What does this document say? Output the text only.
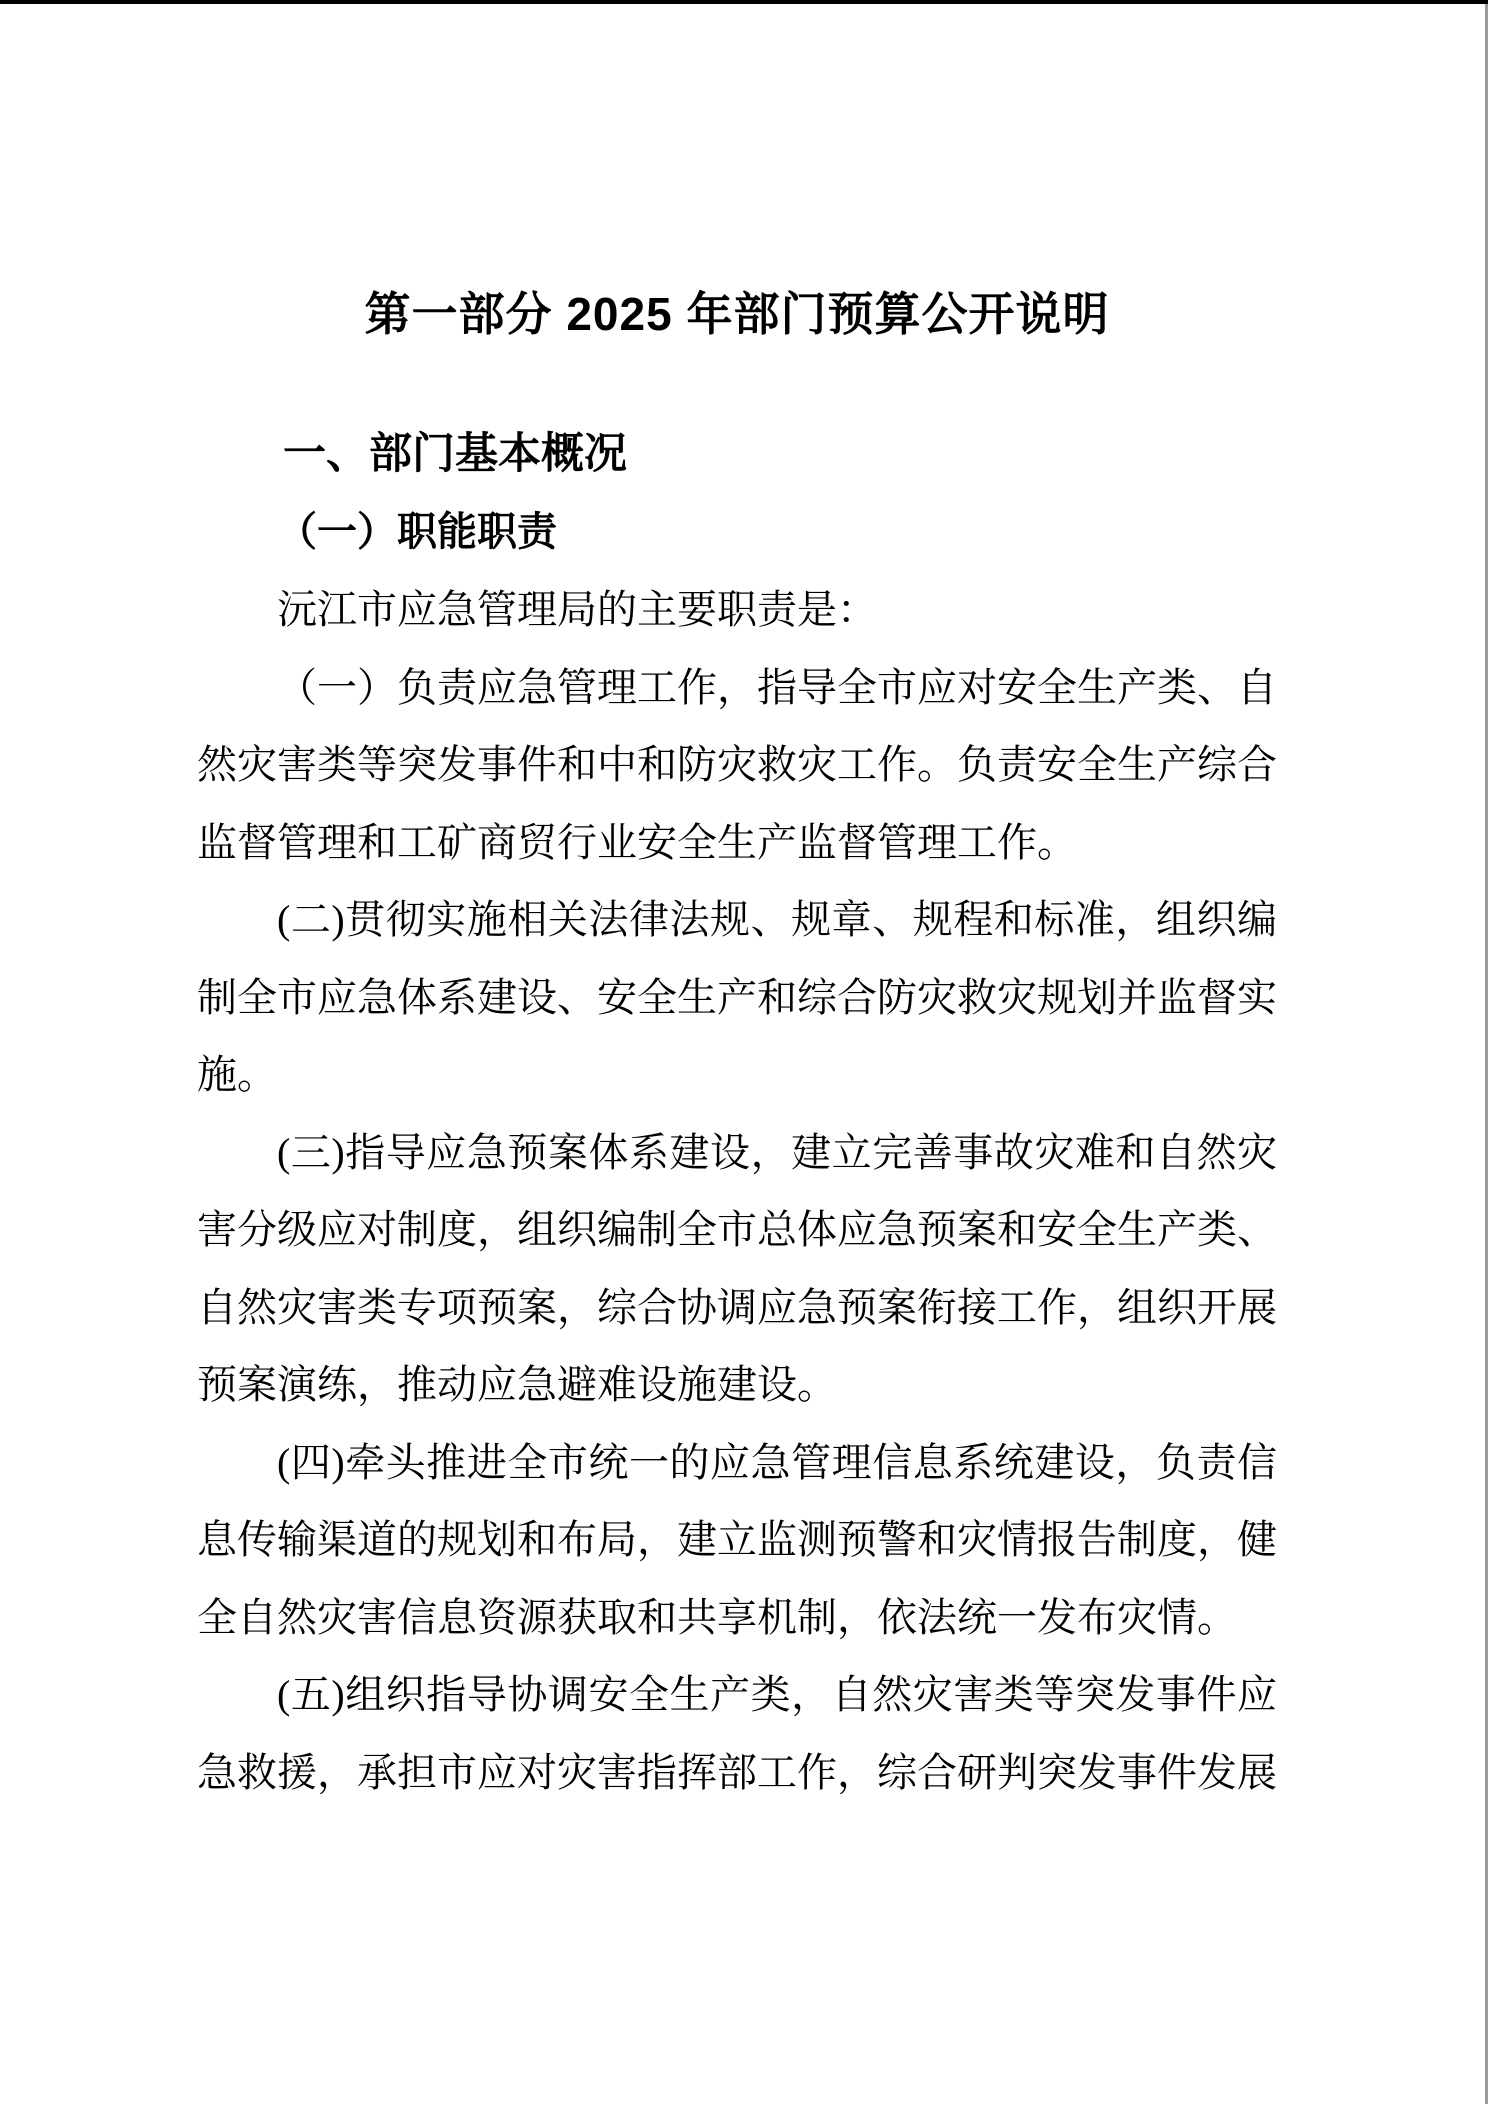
第一部分 2025 年部门预算公开说明
一、部门基本概况
（一）职能职责

沅江市应急管理局的主要职责是：

（一）负责应急管理工作，指导全市应对安全生产类、自然灾害类等突发事件和中和防灾救灾工作。负责安全生产综合监督管理和工矿商贸行业安全生产监督管理工作。

(二)贯彻实施相关法律法规、规章、规程和标准，组织编制全市应急体系建设、安全生产和综合防灾救灾规划并监督实施。

(三)指导应急预案体系建设，建立完善事故灾难和自然灾害分级应对制度，组织编制全市总体应急预案和安全生产类、自然灾害类专项预案，综合协调应急预案衔接工作，组织开展预案演练，推动应急避难设施建设。

(四)牵头推进全市统一的应急管理信息系统建设，负责信息传输渠道的规划和布局，建立监测预警和灾情报告制度，健全自然灾害信息资源获取和共享机制，依法统一发布灾情。

(五)组织指导协调安全生产类，自然灾害类等突发事件应急救援，承担市应对灾害指挥部工作，综合研判突发事件发展
